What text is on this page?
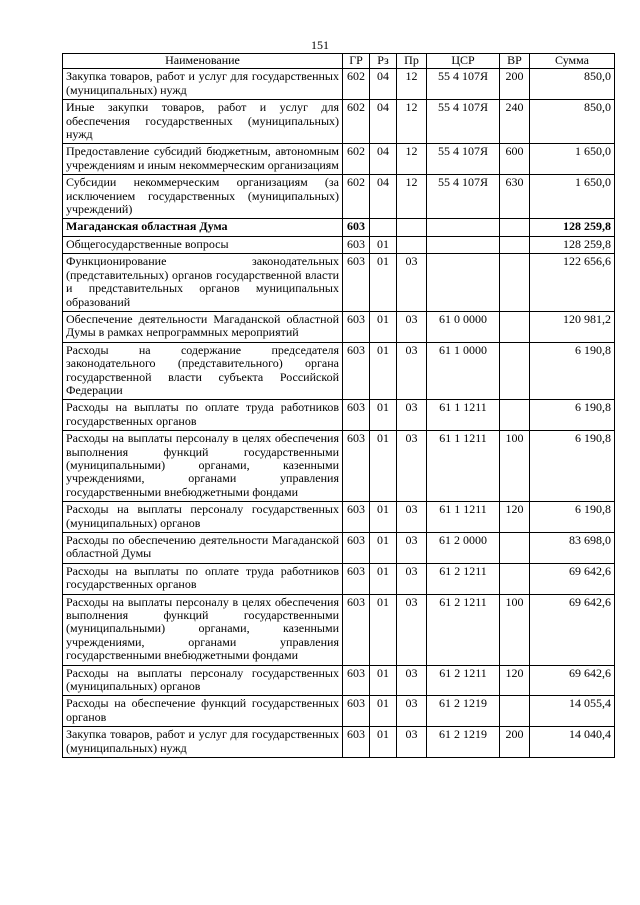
151
Наименование	ГР	Рз	Пр	ЦСР	ВР	Сумма
Закупка товаров, работ и услуг для государственных (муниципальных) нужд	602	04	12	55 4 107Я	200	850,0
Иные закупки товаров, работ и услуг для обеспечения государственных (муниципальных) нужд	602	04	12	55 4 107Я	240	850,0
Предоставление субсидий бюджетным, автономным учреждениям и иным некоммерческим организациям	602	04	12	55 4 107Я	600	1 650,0
Субсидии некоммерческим организациям (за исключением государственных (муниципальных) учреждений)	602	04	12	55 4 107Я	630	1 650,0
Магаданская областная Дума	603					128 259,8
Общегосударственные вопросы	603	01				128 259,8
Функционирование законодательных (представительных) органов государственной власти и представительных органов муниципальных образований	603	01	03			122 656,6
Обеспечение деятельности Магаданской областной Думы в рамках непрограммных мероприятий	603	01	03	61 0 0000		120 981,2
Расходы на содержание председателя законодательного (представительного) органа государственной власти субъекта Российской Федерации	603	01	03	61 1 0000		6 190,8
Расходы на выплаты по оплате труда работников государственных органов	603	01	03	61 1 1211		6 190,8
Расходы на выплаты персоналу в целях обеспечения выполнения функций государственными (муниципальными) органами, казенными учреждениями, органами управления государственными внебюджетными фондами	603	01	03	61 1 1211	100	6 190,8
Расходы на выплаты персоналу государственных (муниципальных) органов	603	01	03	61 1 1211	120	6 190,8
Расходы по обеспечению деятельности Магаданской областной Думы	603	01	03	61 2 0000		83 698,0
Расходы на выплаты по оплате труда работников государственных органов	603	01	03	61 2 1211		69 642,6
Расходы на выплаты персоналу в целях обеспечения выполнения функций государственными (муниципальными) органами, казенными учреждениями, органами управления государственными внебюджетными фондами	603	01	03	61 2 1211	100	69 642,6
Расходы на выплаты персоналу государственных (муниципальных) органов	603	01	03	61 2 1211	120	69 642,6
Расходы на обеспечение функций государственных органов	603	01	03	61 2 1219		14 055,4
Закупка товаров, работ и услуг для государственных (муниципальных) нужд	603	01	03	61 2 1219	200	14 040,4
